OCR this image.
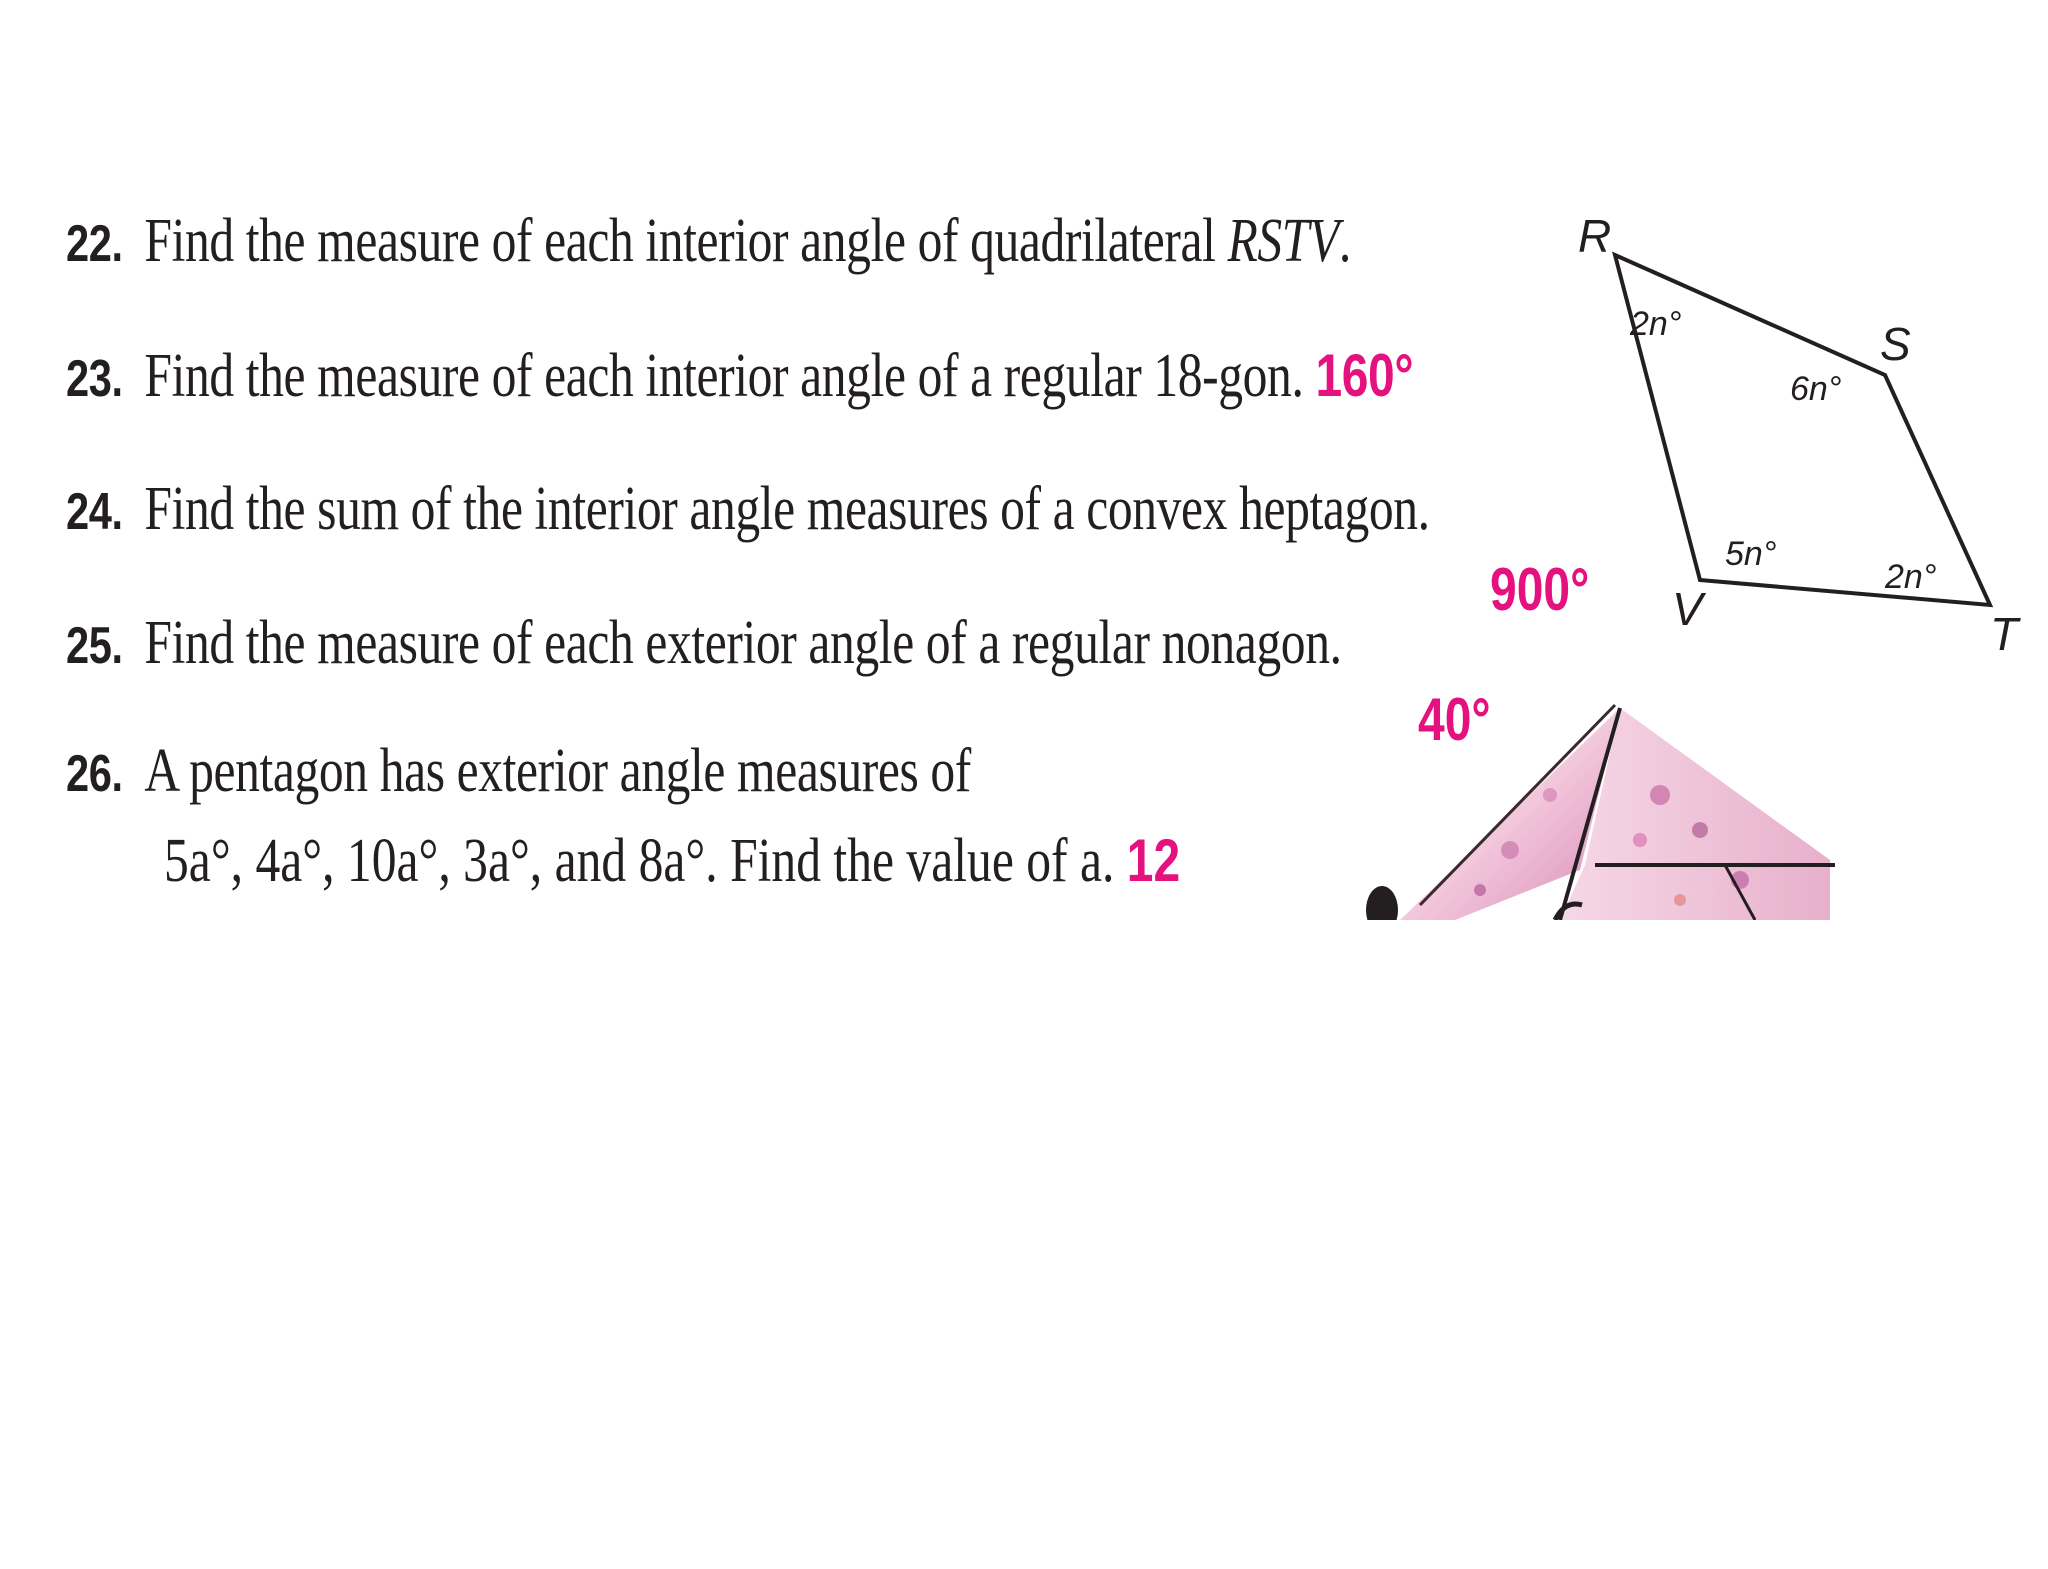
22. Find the measure of each interior angle of quadrilateral RSTV.
23. Find the measure of each interior angle of a regular 18-gon. 160°
24. Find the sum of the interior angle measures of a convex heptagon.
900°
25. Find the measure of each exterior angle of a regular nonagon.
40°
26. A pentagon has exterior angle measures of
5a°, 4a°, 10a°, 3a°, and 8a°. Find the value of a. 12
R
S
T
V
2n°
6n°
2n°
5n°
